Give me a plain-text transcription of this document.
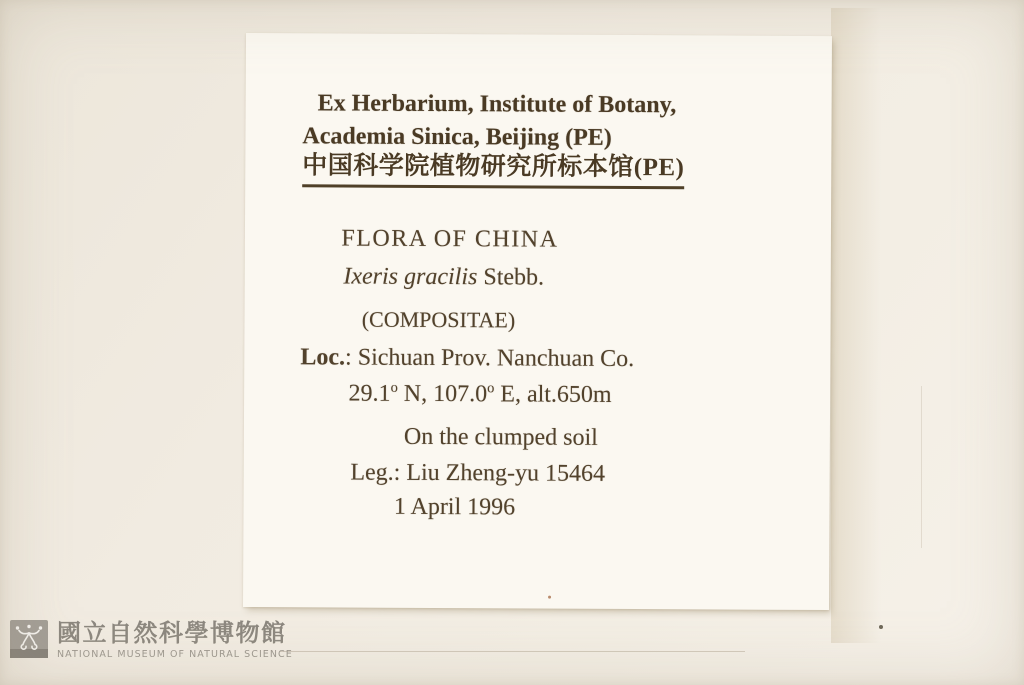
Ex Herbarium, Institute of Botany,
Academia Sinica, Beijing (PE)
中国科学院植物研究所标本馆(PE)
FLORA OF CHINA
Ixeris gracilis Stebb.
(COMPOSITAE)
Loc.: Sichuan Prov. Nanchuan Co.
29.1$^o$ N, 107.0$^o$ E, alt.650m
On the clumped soil
Leg.: Liu Zheng-yu 15464
1 April 1996
國立自然科學博物館
NATIONAL MUSEUM OF NATURAL SCIENCE
